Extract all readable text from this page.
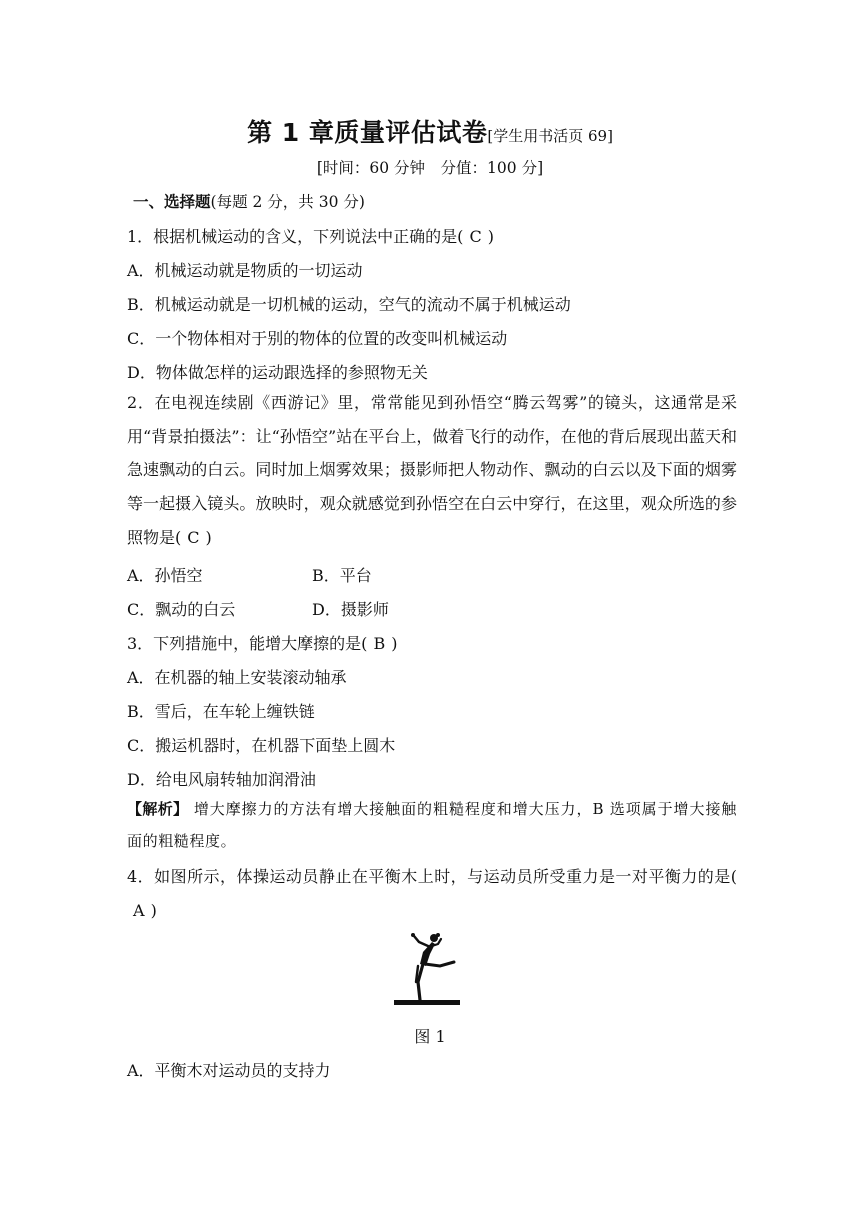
第 1 章质量评估试卷[学生用书活页 69]
[时间：60 分钟　分值：100 分]
一、选择题(每题 2 分，共 30 分)
1．根据机械运动的含义，下列说法中正确的是( C )
A．机械运动就是物质的一切运动
B．机械运动就是一切机械的运动，空气的流动不属于机械运动
C．一个物体相对于别的物体的位置的改变叫机械运动
D．物体做怎样的运动跟选择的参照物无关
2．在电视连续剧《西游记》里，常常能见到孙悟空“腾云驾雾”的镜头，这通常是采用“背景拍摄法”：让“孙悟空”站在平台上，做着飞行的动作，在他的背后展现出蓝天和急速飘动的白云。同时加上烟雾效果；摄影师把人物动作、飘动的白云以及下面的烟雾等一起摄入镜头。放映时，观众就感觉到孙悟空在白云中穿行，在这里，观众所选的参照物是( C )
A．孙悟空	B．平台
C．飘动的白云	D．摄影师
3．下列措施中，能增大摩擦的是( B )
A．在机器的轴上安装滚动轴承
B．雪后，在车轮上缠铁链
C．搬运机器时，在机器下面垫上圆木
D．给电风扇转轴加润滑油
【解析】 增大摩擦力的方法有增大接触面的粗糙程度和增大压力，B 选项属于增大接触面的粗糙程度。
4．如图所示，体操运动员静止在平衡木上时，与运动员所受重力是一对平衡力的是(A )
图 1
A．平衡木对运动员的支持力
